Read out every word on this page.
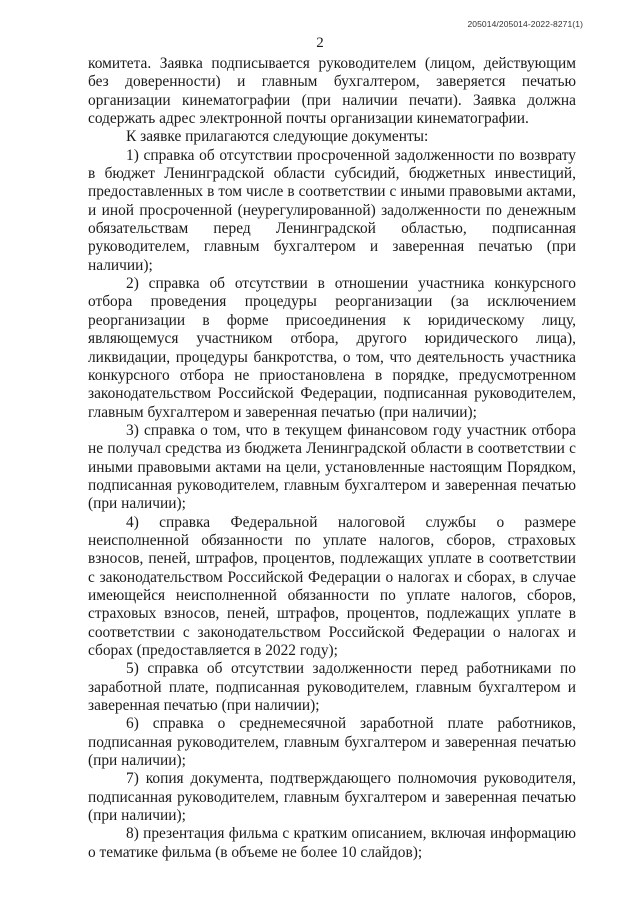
205014/205014-2022-8271(1)
2

комитета. Заявка подписывается руководителем (лицом, действующим без доверенности) и главным бухгалтером, заверяется печатью организации кинематографии (при наличии печати). Заявка должна содержать адрес электронной почты организации кинематографии.

К заявке прилагаются следующие документы:

1) справка об отсутствии просроченной задолженности по возврату в бюджет Ленинградской области субсидий, бюджетных инвестиций, предоставленных в том числе в соответствии с иными правовыми актами, и иной просроченной (неурегулированной) задолженности по денежным обязательствам перед Ленинградской областью, подписанная руководителем, главным бухгалтером и заверенная печатью (при наличии);

2) справка об отсутствии в отношении участника конкурсного отбора проведения процедуры реорганизации (за исключением реорганизации в форме присоединения к юридическому лицу, являющемуся участником отбора, другого юридического лица), ликвидации, процедуры банкротства, о том, что деятельность участника конкурсного отбора не приостановлена в порядке, предусмотренном законодательством Российской Федерации, подписанная руководителем, главным бухгалтером и заверенная печатью (при наличии);

3) справка о том, что в текущем финансовом году участник отбора не получал средства из бюджета Ленинградской области в соответствии с иными правовыми актами на цели, установленные настоящим Порядком, подписанная руководителем, главным бухгалтером и заверенная печатью (при наличии);

4) справка Федеральной налоговой службы о размере неисполненной обязанности по уплате налогов, сборов, страховых взносов, пеней, штрафов, процентов, подлежащих уплате в соответствии с законодательством Российской Федерации о налогах и сборах, в случае имеющейся неисполненной обязанности по уплате налогов, сборов, страховых взносов, пеней, штрафов, процентов, подлежащих уплате в соответствии с законодательством Российской Федерации о налогах и сборах (предоставляется в 2022 году);

5) справка об отсутствии задолженности перед работниками по заработной плате, подписанная руководителем, главным бухгалтером и заверенная печатью (при наличии);

6) справка о среднемесячной заработной плате работников, подписанная руководителем, главным бухгалтером и заверенная печатью (при наличии);

7) копия документа, подтверждающего полномочия руководителя, подписанная руководителем, главным бухгалтером и заверенная печатью (при наличии);

8) презентация фильма с кратким описанием, включая информацию о тематике фильма (в объеме не более 10 слайдов);
